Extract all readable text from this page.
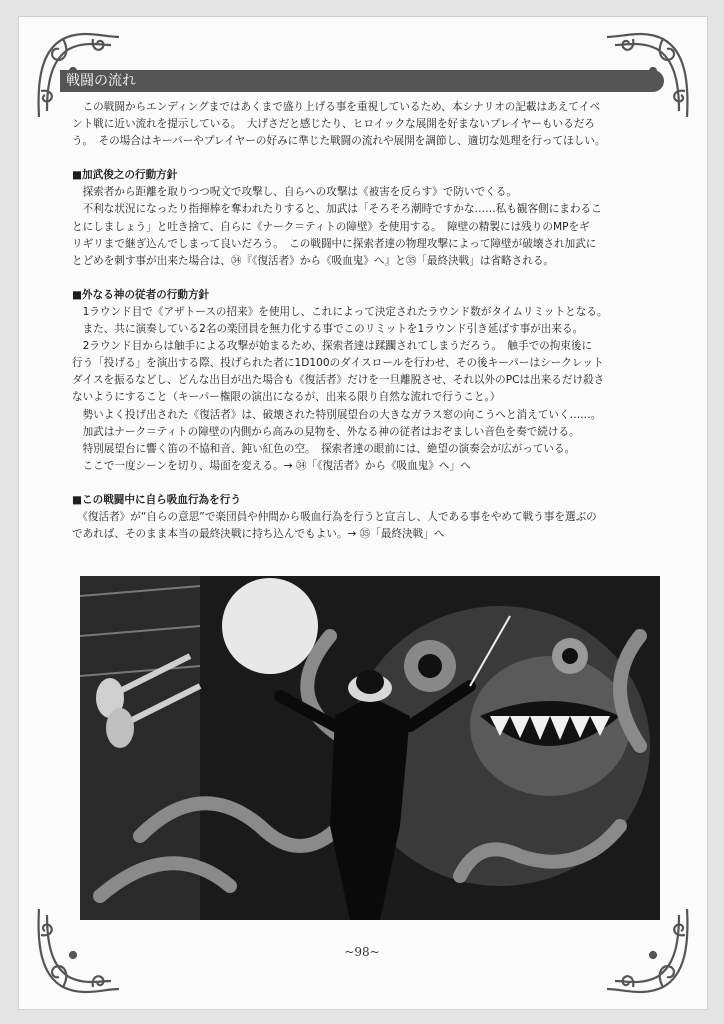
戦闘の流れ

　この戦闘からエンディングまではあくまで盛り上げる事を重視しているため、本シナリオの記載はあえてイベ

ント戦に近い流れを提示している。　大げさだと感じたり、ヒロイックな展開を好まないプレイヤーもいるだろ

う。　その場合はキーパーやプレイヤーの好みに準じた戦闘の流れや展開を調節し、適切な処理を行ってほしい。

■加武俊之の行動方針

　探索者から距離を取りつつ呪文で攻撃し、自らへの攻撃は《被害を反らす》で防いでくる。

　不利な状況になったり指揮棒を奪われたりすると、加武は「そろそろ潮時ですかな……私も観客側にまわるこ

とにしましょう」と吐き捨て、自らに《ナーク＝ティトの障壁》を使用する。　障壁の精製には残りのMPをギ

リギリまで継ぎ込んでしまって良いだろう。　この戦闘中に探索者達の物理攻撃によって障壁が破壊され加武に

とどめを刺す事が出来た場合は、㉞『《復活者》から《吸血鬼》へ』と㉟「最終決戦」は省略される。

■外なる神の従者の行動方針

　1ラウンド目で《アザトースの招来》を使用し、これによって決定されたラウンド数がタイムリミットとなる。

　また、共に演奏している2名の楽団員を無力化する事でこのリミットを1ラウンド引き延ばす事が出来る。

　2ラウンド目からは触手による攻撃が始まるため、探索者達は蹂躙されてしまうだろう。　触手での拘束後に

行う「投げる」を演出する際、投げられた者に1D100のダイスロールを行わせ、その後キーパーはシークレット

ダイスを振るなどし、どんな出目が出た場合も《復活者》だけを一旦離脱させ、それ以外のPCは出来るだけ殺さ

ないようにすること（キーパー権限の演出になるが、出来る限り自然な流れで行うこと。）

　勢いよく投げ出された《復活者》は、破壊された特別展望台の大きなガラス窓の向こうへと消えていく……。

　加武はナーク＝ティトの障壁の内側から高みの見物を、外なる神の従者はおぞましい音色を奏で続ける。

　特別展望台に響く笛の不協和音、鈍い紅色の空。　探索者達の眼前には、絶望の演奏会が広がっている。

　ここで一度シーンを切り、場面を変える。→ ㉞「《復活者》から《吸血鬼》へ」へ

■この戦闘中に自ら吸血行為を行う

　《復活者》が“自らの意思”で楽団員や仲間から吸血行為を行うと宣言し、人である事をやめて戦う事を選ぶの

であれば、そのまま本当の最終決戦に持ち込んでもよい。→ ㉟「最終決戦」へ

~98~
